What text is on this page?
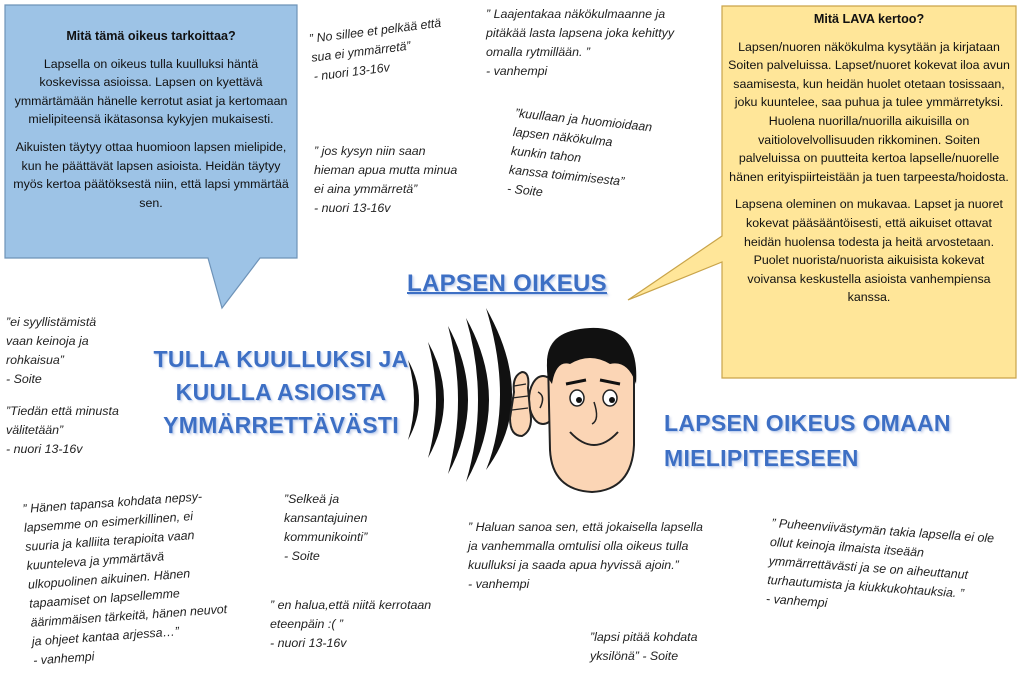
Mitä tämä oikeus tarkoittaa?

Lapsella on oikeus tulla kuulluksi häntä koskevissa asioissa. Lapsen on kyettävä ymmärtämään hänelle kerrotut asiat ja kertomaan mielipiteensä ikätasonsa kykyjen mukaisesti.

Aikuisten täytyy ottaa huomioon lapsen mielipide, kun he päättävät lapsen asioista. Heidän täytyy myös kertoa päätöksestä niin, että lapsi ymmärtää sen.

Mitä LAVA kertoo?

Lapsen/nuoren näkökulma kysytään ja kirjataan Soiten palveluissa. Lapset/nuoret kokevat iloa avun saamisesta, kun heidän huolet otetaan tosissaan, joku kuuntelee, saa puhua ja tulee ymmärretyksi. Huolena nuorilla/nuorilla aikuisilla on vaitiolovelvollisuuden rikkominen. Soiten palveluissa on puutteita kertoa lapselle/nuorelle hänen erityispiirteistään ja tuen tarpeesta/hoidosta.

Lapsena oleminen on mukavaa. Lapset ja nuoret kokevat pääsääntöisesti, että aikuiset ottavat heidän huolensa todesta ja heitä arvostetaan. Puolet nuorista/nuorista aikuisista kokevat voivansa keskustella asioista vanhempiensa kanssa.

LAPSEN OIKEUS
TULLA KUULLUKSI JA
KUULLA ASIOISTA
YMMÄRRETTÄVÄSTI	LAPSEN OIKEUS OMAAN
MIELIPITEESEEN
” No sillee et pelkää että
sua ei ymmärretä”
- nuori 13-16v
” jos kysyn niin saan
hieman apua mutta minua
ei aina ymmärretä”
- nuori 13-16v
” Laajentakaa näkökulmaanne ja
pitäkää lasta lapsena joka kehittyy
omalla rytmillään. ”
- vanhempi
”kuullaan ja huomioidaan
lapsen näkökulma
kunkin tahon
kanssa toimimisesta”
- Soite
”ei syyllistämistä
vaan keinoja ja
rohkaisua”
- Soite
”Tiedän että minusta
välitetään”
- nuori 13-16v
” Hänen tapansa kohdata nepsy-
lapsemme on esimerkillinen, ei
suuria ja kalliita terapioita vaan
kuunteleva ja ymmärtävä
ulkopuolinen aikuinen. Hänen
tapaamiset on lapsellemme
äärimmäisen tärkeitä, hänen neuvot
ja ohjeet kantaa arjessa…”
- vanhempi
”Selkeä ja
kansantajuinen
kommunikointi”
- Soite
” en halua,että niitä kerrotaan
eteenpäin :( ”
- nuori 13-16v
” Haluan sanoa sen, että jokaisella lapsella
ja vanhemmalla omtulisi olla oikeus tulla
kuulluksi ja saada apua hyvissä ajoin.”
- vanhempi
”lapsi pitää kohdata
yksilönä” - Soite
” Puheenviivästymän takia lapsella ei ole
ollut keinoja ilmaista itseään
ymmärrettävästi ja se on aiheuttanut
turhautumista ja kiukkukohtauksia. ”
- vanhempi
